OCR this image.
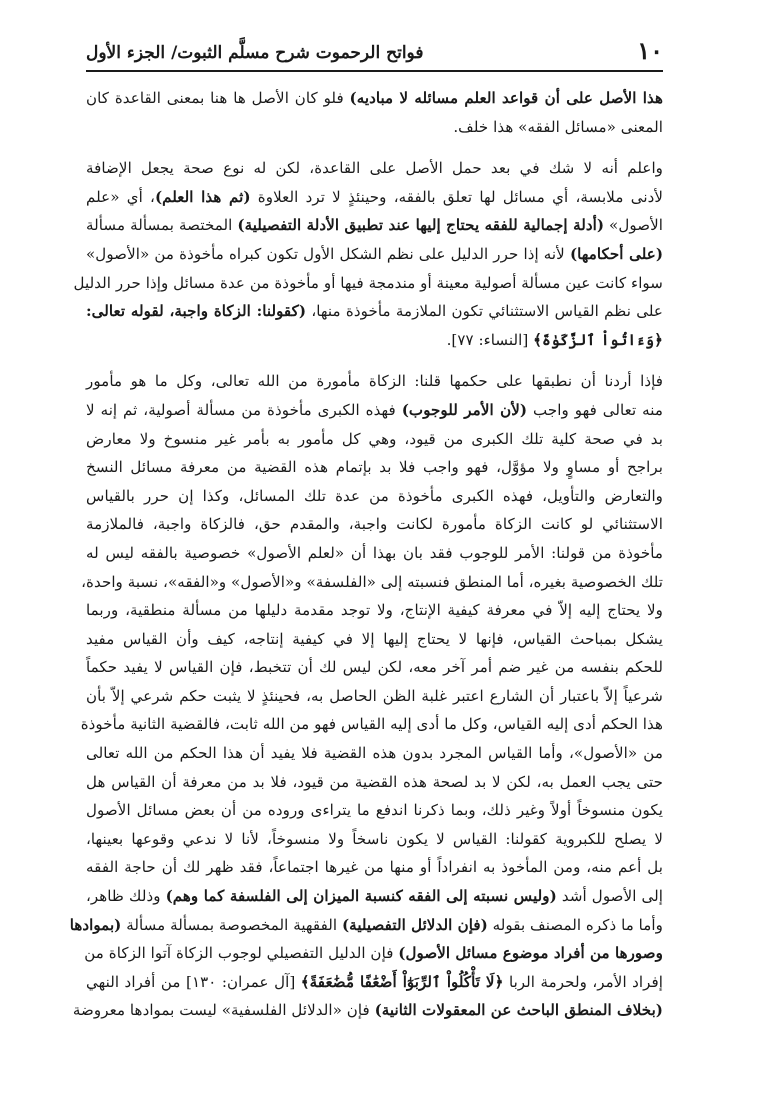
١٠
فواتح الرحموت شرح مسلَّم الثبوت/ الجزء الأول
هذا الأصل على أن قواعد العلم مسائله لا مباديه) فلو كان الأصل ها هنا بمعنى القاعدة كان
المعنى «مسائل الفقه» هذا خلف.
واعلم أنه لا شك في بعد حمل الأصل على القاعدة، لكن له نوع صحة يجعل الإضافة
لأدنى ملابسة، أي مسائل لها تعلق بالفقه، وحينئذٍ لا ترد العلاوة (ثم هذا العلم)، أي «علم
الأصول» (أدلة إجمالية للفقه يحتاج إليها عند تطبيق الأدلة التفصيلية) المختصة بمسألة مسألة
(على أحكامها) لأنه إذا حرر الدليل على نظم الشكل الأول تكون كبراه مأخوذة من «الأصول»
سواء كانت عين مسألة أصولية معينة أو مندمجة فيها أو مأخوذة من عدة مسائل وإذا حرر الدليل
على نظم القياس الاستثنائي تكون الملازمة مأخوذة منها، (كقولنا: الزكاة واجبة، لقوله تعالى:
﴿وَءَاتُواْ ٱلزَّكَوٰةَ﴾ [النساء: ٧٧].
فإذا أردنا أن نطبقها على حكمها قلنا: الزكاة مأمورة من الله تعالى، وكل ما هو مأمور
منه تعالى فهو واجب (لأن الأمر للوجوب) فهذه الكبرى مأخوذة من مسألة أصولية، ثم إنه لا
بد في صحة كلية تلك الكبرى من قيود، وهي كل مأمور به بأمر غير منسوخ ولا معارض
براجح أو مساوٍ ولا مؤوَّل، فهو واجب فلا بد بإتمام هذه القضية من معرفة مسائل النسخ
والتعارض والتأويل، فهذه الكبرى مأخوذة من عدة تلك المسائل، وكذا إن حرر بالقياس
الاستثنائي لو كانت الزكاة مأمورة لكانت واجبة، والمقدم حق، فالزكاة واجبة، فالملازمة
مأخوذة من قولنا: الأمر للوجوب فقد بان بهذا أن «لعلم الأصول» خصوصية بالفقه ليس له
تلك الخصوصية بغيره، أما المنطق فنسبته إلى «الفلسفة» و«الأصول» و«الفقه»، نسبة واحدة،
ولا يحتاج إليه إلاّ في معرفة كيفية الإنتاج، ولا توجد مقدمة دليلها من مسألة منطقية، وربما
يشكل بمباحث القياس، فإنها لا يحتاج إليها إلا في كيفية إنتاجه، كيف وأن القياس مفيد
للحكم بنفسه من غير ضم أمر آخر معه، لكن ليس لك أن تتخبط، فإن القياس لا يفيد حكماً
شرعياً إلاّ باعتبار أن الشارع اعتبر غلبة الظن الحاصل به، فحينئذٍ لا يثبت حكم شرعي إلاّ بأن
هذا الحكم أدى إليه القياس، وكل ما أدى إليه القياس فهو من الله ثابت، فالقضية الثانية مأخوذة
من «الأصول»، وأما القياس المجرد بدون هذه القضية فلا يفيد أن هذا الحكم من الله تعالى
حتى يجب العمل به، لكن لا بد لصحة هذه القضية من قيود، فلا بد من معرفة أن القياس هل
يكون منسوخاً أولاً وغير ذلك، وبما ذكرنا اندفع ما يتراءى وروده من أن بعض مسائل الأصول
لا يصلح للكبروية كقولنا: القياس لا يكون ناسخاً ولا منسوخاً، لأنا لا ندعي وقوعها بعينها،
بل أعم منه، ومن المأخوذ به انفراداً أو منها من غيرها اجتماعاً، فقد ظهر لك أن حاجة الفقه
إلى الأصول أشد (وليس نسبته إلى الفقه كنسبة الميزان إلى الفلسفة كما وهم) وذلك ظاهر،
وأما ما ذكره المصنف بقوله (فإن الدلائل التفصيلية) الفقهية المخصوصة بمسألة مسألة (بموادها
وصورها من أفراد موضوع مسائل الأصول) فإن الدليل التفصيلي لوجوب الزكاة آتوا الزكاة من
إفراد الأمر، ولحرمة الربا ﴿لَا تَأْكُلُواْ ٱلرِّبَوٰٓاْ أَضْعَٰفًا مُّضَٰعَفَةً﴾ [آل عمران: ١٣٠] من أفراد النهي
(بخلاف المنطق الباحث عن المعقولات الثانية) فإن «الدلائل الفلسفية» ليست بموادها معروضة
